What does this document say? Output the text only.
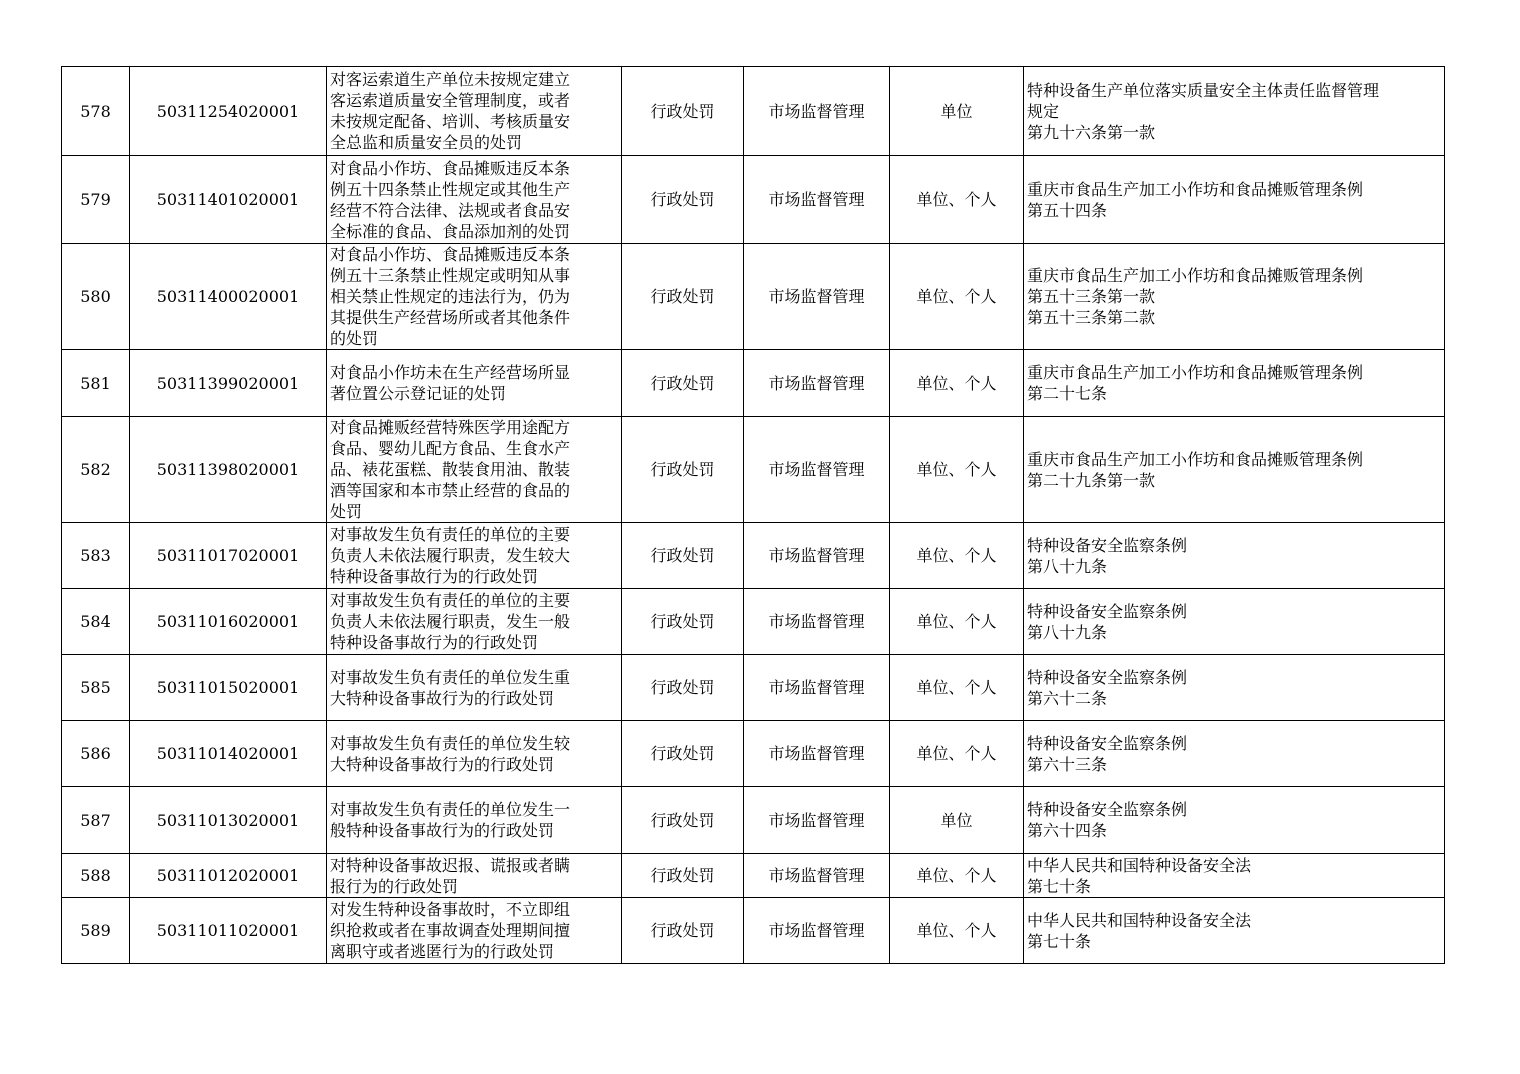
578	50311254020001	对客运索道生产单位未按规定建立
客运索道质量安全管理制度，或者
未按规定配备、培训、考核质量安
全总监和质量安全员的处罚	行政处罚	市场监督管理	单位	特种设备生产单位落实质量安全主体责任监督管理
规定
第九十六条第一款

579	50311401020001	对食品小作坊、食品摊贩违反本条
例五十四条禁止性规定或其他生产
经营不符合法律、法规或者食品安
全标准的食品、食品添加剂的处罚	行政处罚	市场监督管理	单位、个人	重庆市食品生产加工小作坊和食品摊贩管理条例
第五十四条

580	50311400020001	对食品小作坊、食品摊贩违反本条
例五十三条禁止性规定或明知从事
相关禁止性规定的违法行为，仍为
其提供生产经营场所或者其他条件
的处罚	行政处罚	市场监督管理	单位、个人	重庆市食品生产加工小作坊和食品摊贩管理条例
第五十三条第一款
第五十三条第二款

581	50311399020001	对食品小作坊未在生产经营场所显
著位置公示登记证的处罚	行政处罚	市场监督管理	单位、个人	重庆市食品生产加工小作坊和食品摊贩管理条例
第二十七条

582	50311398020001	对食品摊贩经营特殊医学用途配方
食品、婴幼儿配方食品、生食水产
品、裱花蛋糕、散装食用油、散装
酒等国家和本市禁止经营的食品的
处罚	行政处罚	市场监督管理	单位、个人	重庆市食品生产加工小作坊和食品摊贩管理条例
第二十九条第一款

583	50311017020001	对事故发生负有责任的单位的主要
负责人未依法履行职责，发生较大
特种设备事故行为的行政处罚	行政处罚	市场监督管理	单位、个人	特种设备安全监察条例
第八十九条

584	50311016020001	对事故发生负有责任的单位的主要
负责人未依法履行职责，发生一般
特种设备事故行为的行政处罚	行政处罚	市场监督管理	单位、个人	特种设备安全监察条例
第八十九条

585	50311015020001	对事故发生负有责任的单位发生重
大特种设备事故行为的行政处罚	行政处罚	市场监督管理	单位、个人	特种设备安全监察条例
第六十二条

586	50311014020001	对事故发生负有责任的单位发生较
大特种设备事故行为的行政处罚	行政处罚	市场监督管理	单位、个人	特种设备安全监察条例
第六十三条

587	50311013020001	对事故发生负有责任的单位发生一
般特种设备事故行为的行政处罚	行政处罚	市场监督管理	单位	特种设备安全监察条例
第六十四条

588	50311012020001	对特种设备事故迟报、谎报或者瞒
报行为的行政处罚	行政处罚	市场监督管理	单位、个人	中华人民共和国特种设备安全法
第七十条

589	50311011020001	对发生特种设备事故时，不立即组
织抢救或者在事故调查处理期间擅
离职守或者逃匿行为的行政处罚	行政处罚	市场监督管理	单位、个人	中华人民共和国特种设备安全法
第七十条
